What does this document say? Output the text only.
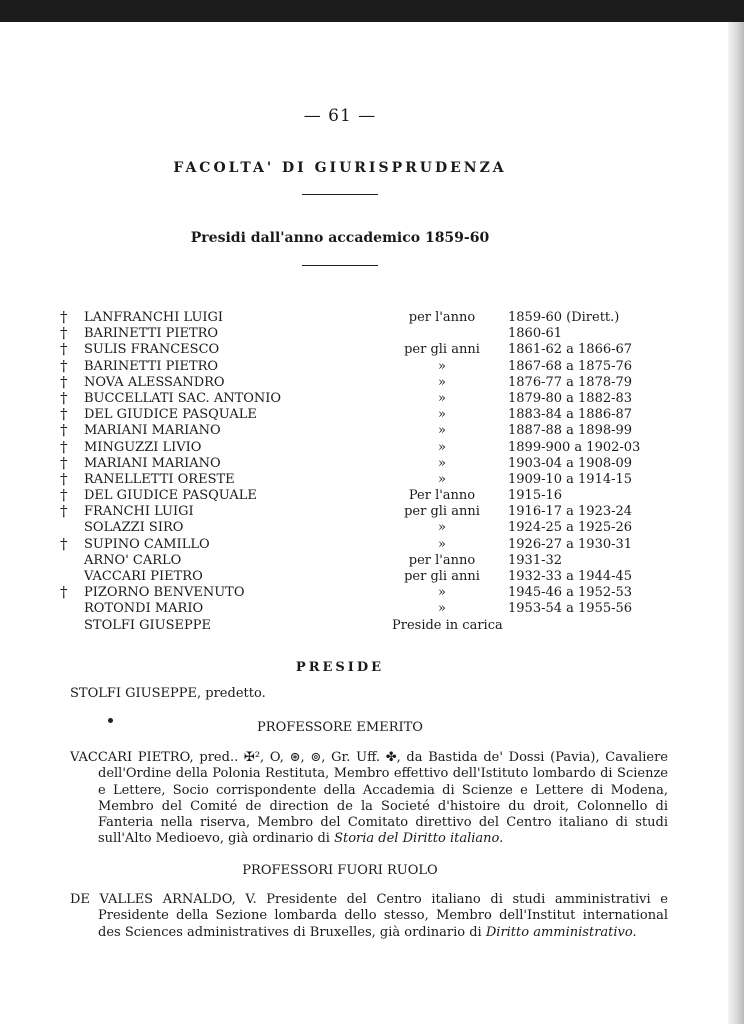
— 61 —
FACOLTA' DI GIURISPRUDENZA
Presidi dall'anno accademico 1859-60
†	LANFRANCHI LUIGI	per l'anno	1859-60 (Dirett.)
†	BARINETTI PIETRO	1860-61
†	SULIS FRANCESCO	per gli anni	1861-62 a 1866-67
†	BARINETTI PIETRO	»	1867-68 a 1875-76
†	NOVA ALESSANDRO	»	1876-77 a 1878-79
†	BUCCELLATI SAC. ANTONIO	»	1879-80 a 1882-83
†	DEL GIUDICE PASQUALE	»	1883-84 a 1886-87
†	MARIANI MARIANO	»	1887-88 a 1898-99
†	MINGUZZI LIVIO	»	1899-900 a 1902-03
†	MARIANI MARIANO	»	1903-04 a 1908-09
†	RANELLETTI ORESTE	»	1909-10 a 1914-15
†	DEL GIUDICE PASQUALE	Per l'anno	1915-16
†	FRANCHI LUIGI	per gli anni	1916-17 a 1923-24
SOLAZZI SIRO	»	1924-25 a 1925-26
†	SUPINO CAMILLO	»	1926-27 a 1930-31
ARNO' CARLO	per l'anno	1931-32
VACCARI PIETRO	per gli anni	1932-33 a 1944-45
†	PIZORNO BENVENUTO	»	1945-46 a 1952-53
ROTONDI MARIO	»	1953-54 a 1955-56
STOLFI GIUSEPPE	Preside in carica
PRESIDE
STOLFI GIUSEPPE, predetto.
PROFESSORE EMERITO
VACCARI PIETRO, pred.. ✠², O, ⊛, ⊚, Gr. Uff. ✤, da Bastida de' Dossi (Pavia), Cavaliere dell'Ordine della Polonia Restituta, Membro effettivo dell'Istituto lombardo di Scienze e Lettere, Socio corrispondente della Accademia di Scienze e Lettere di Modena, Membro del Comité de direction de la Societé d'histoire du droit, Colonnello di Fanteria nella riserva, Membro del Comitato direttivo del Centro italiano di studi sull'Alto Medioevo, già ordinario di Storia del Diritto italiano.
PROFESSORI FUORI RUOLO
DE VALLES ARNALDO, V. Presidente del Centro italiano di studi amministrativi e Presidente della Sezione lombarda dello stesso, Membro dell'Institut international des Sciences administratives di Bruxelles, già ordinario di Diritto amministrativo.
